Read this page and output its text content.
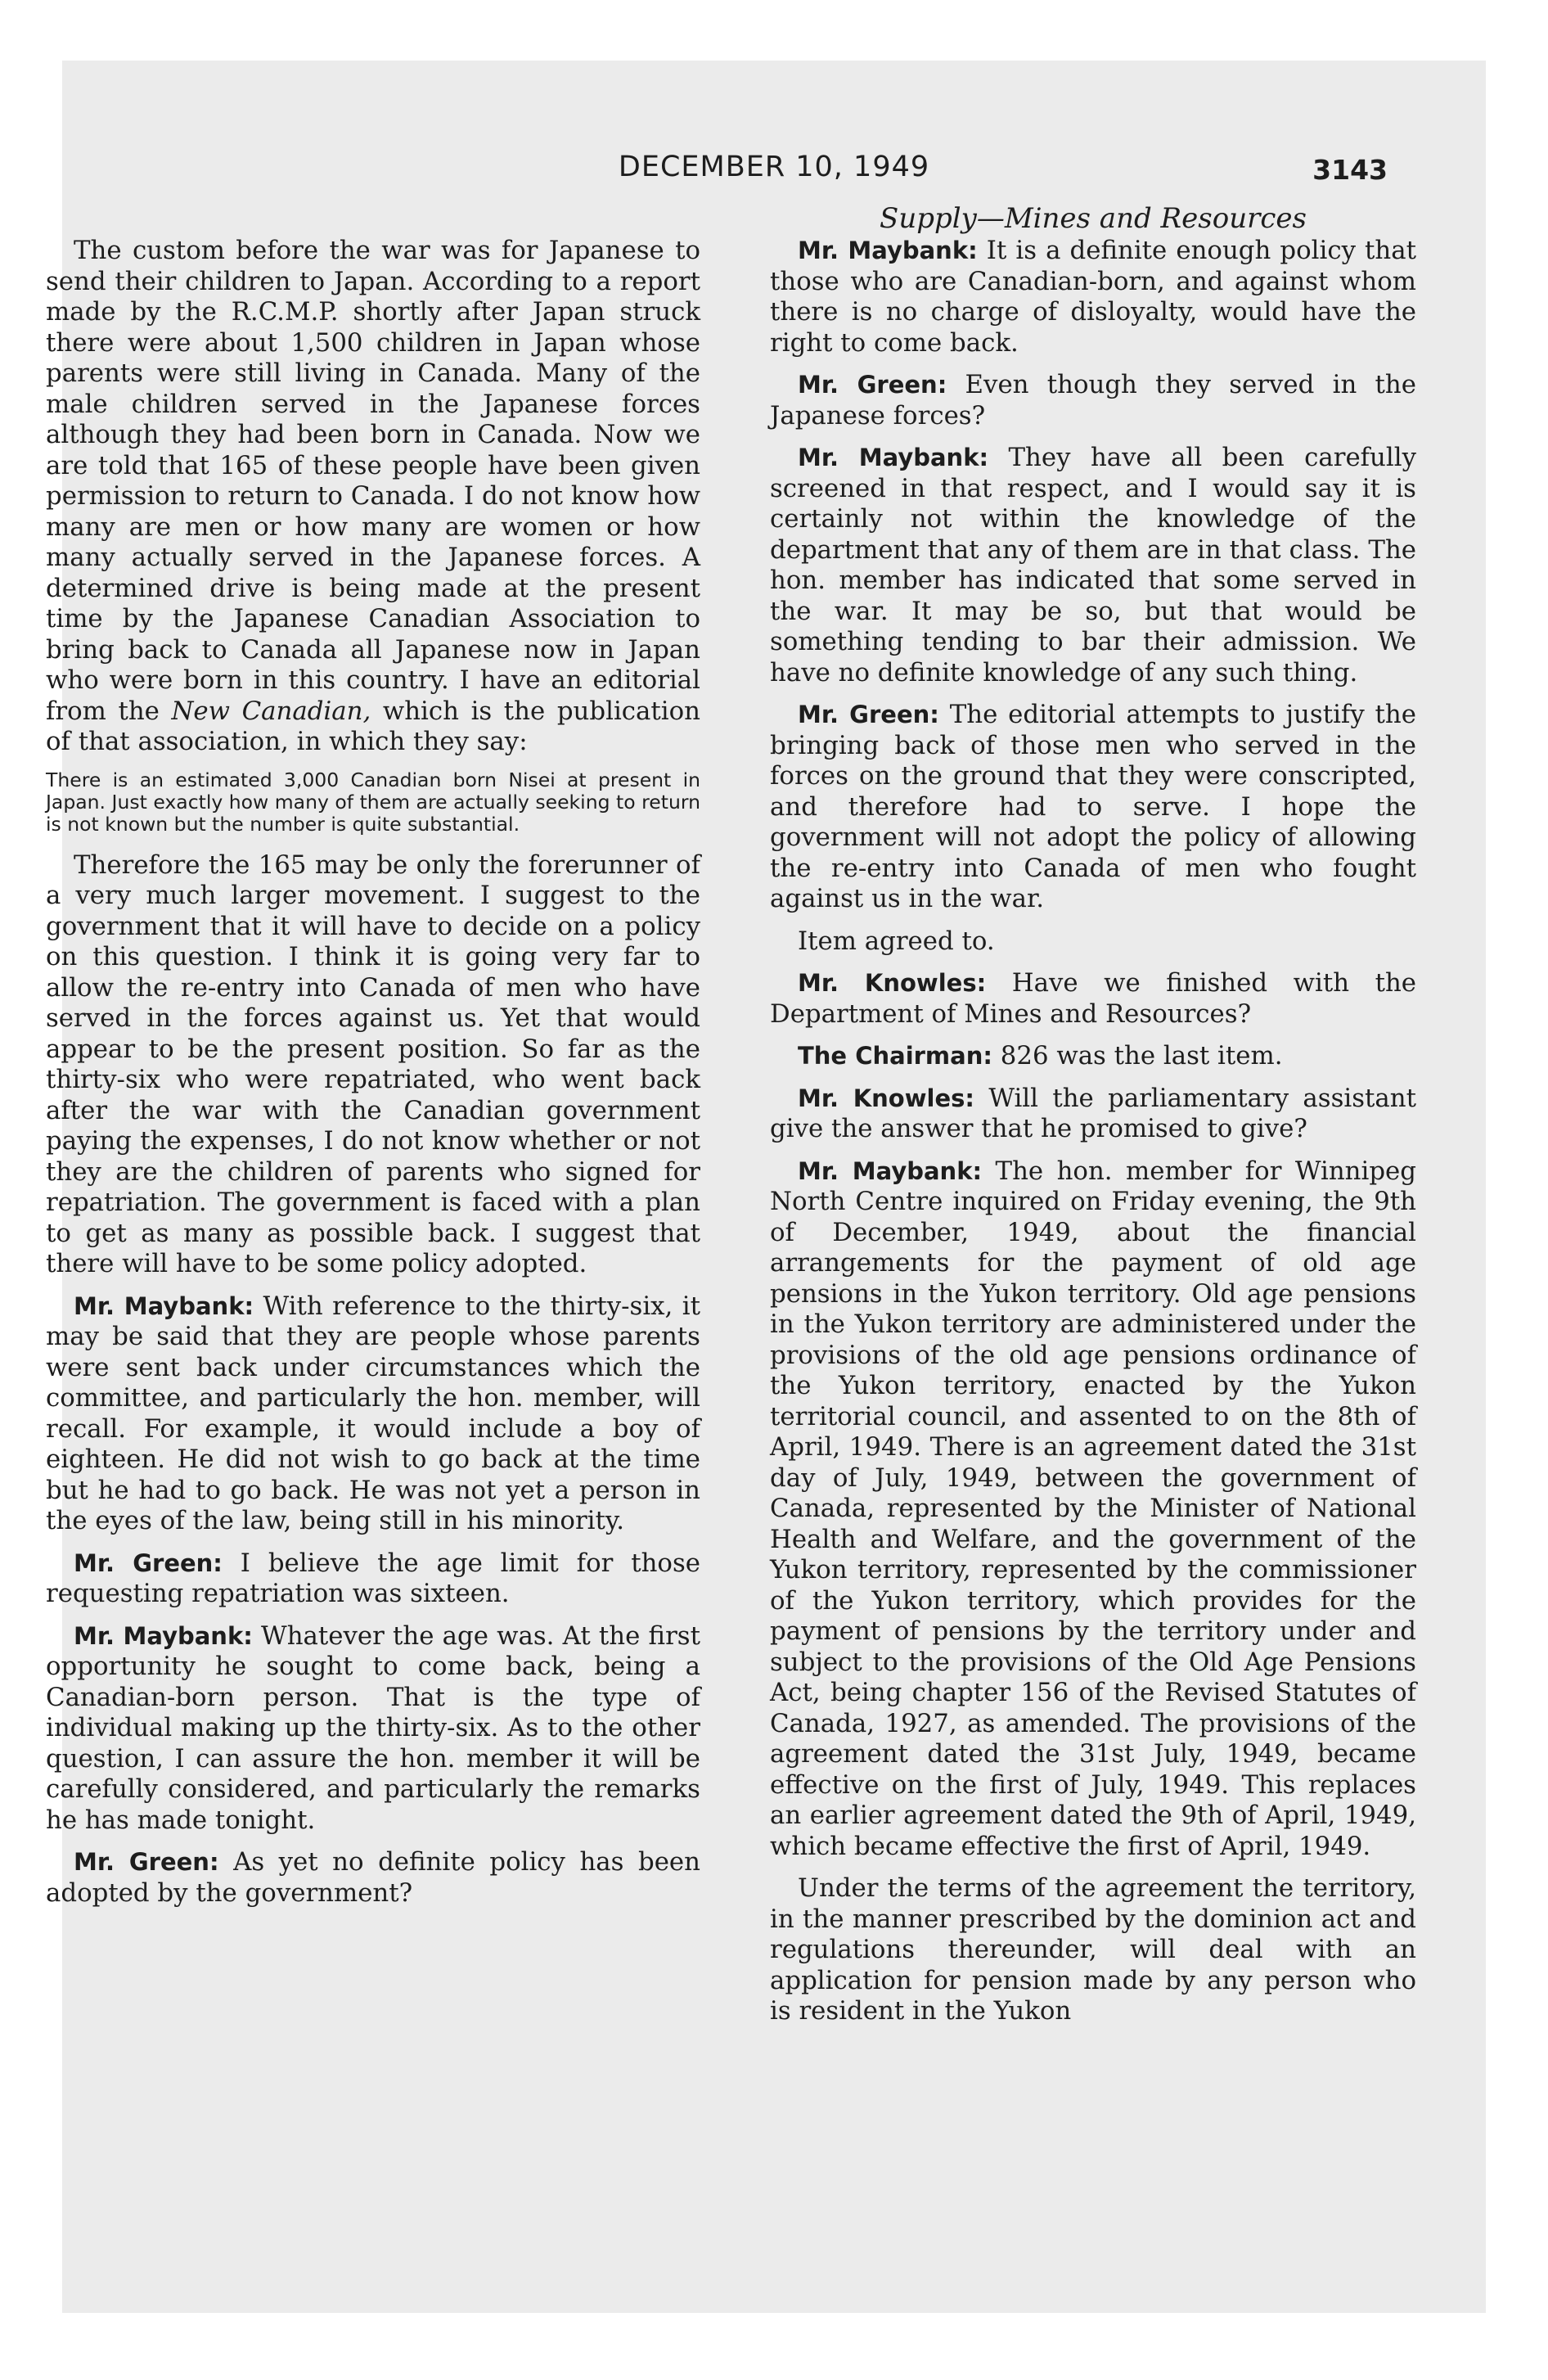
DECEMBER 10, 1949	3143

The custom before the war was for Japanese to send their children to Japan. According to a report made by the R.C.M.P. shortly after Japan struck there were about 1,500 children in Japan whose parents were still living in Canada. Many of the male children served in the Japanese forces although they had been born in Canada. Now we are told that 165 of these people have been given permission to return to Canada. I do not know how many are men or how many are women or how many actually served in the Japanese forces. A determined drive is being made at the present time by the Japanese Canadian Association to bring back to Canada all Japanese now in Japan who were born in this country. I have an editorial from the New Canadian, which is the publication of that association, in which they say:

There is an estimated 3,000 Canadian born Nisei at present in Japan. Just exactly how many of them are actually seeking to return is not known but the number is quite substantial.

Therefore the 165 may be only the forerunner of a very much larger movement. I suggest to the government that it will have to decide on a policy on this question. I think it is going very far to allow the re-entry into Canada of men who have served in the forces against us. Yet that would appear to be the present position. So far as the thirty-six who were repatriated, who went back after the war with the Canadian government paying the expenses, I do not know whether or not they are the children of parents who signed for repatriation. The government is faced with a plan to get as many as possible back. I suggest that there will have to be some policy adopted.

Mr. Maybank: With reference to the thirty-six, it may be said that they are people whose parents were sent back under circumstances which the committee, and particularly the hon. member, will recall. For example, it would include a boy of eighteen. He did not wish to go back at the time but he had to go back. He was not yet a person in the eyes of the law, being still in his minority.

Mr. Green: I believe the age limit for those requesting repatriation was sixteen.

Mr. Maybank: Whatever the age was. At the first opportunity he sought to come back, being a Canadian-born person. That is the type of individual making up the thirty-six. As to the other question, I can assure the hon. member it will be carefully considered, and particularly the remarks he has made tonight.

Mr. Green: As yet no definite policy has been adopted by the government?

Supply—Mines and Resources

Mr. Maybank: It is a definite enough policy that those who are Canadian-born, and against whom there is no charge of disloyalty, would have the right to come back.

Mr. Green: Even though they served in the Japanese forces?

Mr. Maybank: They have all been carefully screened in that respect, and I would say it is certainly not within the knowledge of the department that any of them are in that class. The hon. member has indicated that some served in the war. It may be so, but that would be something tending to bar their admission. We have no definite knowledge of any such thing.

Mr. Green: The editorial attempts to justify the bringing back of those men who served in the forces on the ground that they were conscripted, and therefore had to serve. I hope the government will not adopt the policy of allowing the re-entry into Canada of men who fought against us in the war.

Item agreed to.

Mr. Knowles: Have we finished with the Department of Mines and Resources?

The Chairman: 826 was the last item.

Mr. Knowles: Will the parliamentary assistant give the answer that he promised to give?

Mr. Maybank: The hon. member for Winnipeg North Centre inquired on Friday evening, the 9th of December, 1949, about the financial arrangements for the payment of old age pensions in the Yukon territory. Old age pensions in the Yukon territory are administered under the provisions of the old age pensions ordinance of the Yukon territory, enacted by the Yukon territorial council, and assented to on the 8th of April, 1949. There is an agreement dated the 31st day of July, 1949, between the government of Canada, represented by the Minister of National Health and Welfare, and the government of the Yukon territory, represented by the commissioner of the Yukon territory, which provides for the payment of pensions by the territory under and subject to the provisions of the Old Age Pensions Act, being chapter 156 of the Revised Statutes of Canada, 1927, as amended. The provisions of the agreement dated the 31st July, 1949, became effective on the first of July, 1949. This replaces an earlier agreement dated the 9th of April, 1949, which became effective the first of April, 1949.

Under the terms of the agreement the territory, in the manner prescribed by the dominion act and regulations thereunder, will deal with an application for pension made by any person who is resident in the Yukon
